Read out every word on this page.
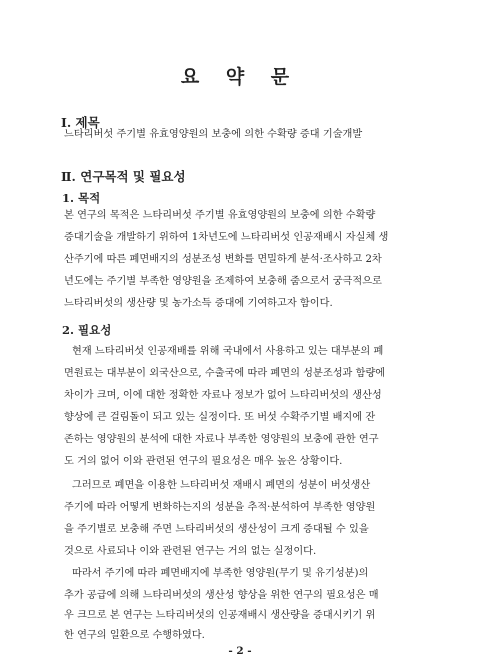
요 약 문
Ⅰ. 제목

느타리버섯 주기별 유효영양원의 보충에 의한 수확량 증대 기술개발

Ⅱ. 연구목적 및 필요성
1. 목적

본 연구의 목적은 느타리버섯 주기별 유효영양원의 보충에 의한 수확량

증대기술을 개발하기 위하여 1차년도에 느타리버섯 인공재배시 자실체 생

산주기에 따른 폐면배지의 성분조성 변화를 면밀하게 분석·조사하고 2차

년도에는 주기별 부족한 영양원을 조제하여 보충해 줌으로서 궁극적으로

느타리버섯의 생산량 및 농가소득 증대에 기여하고자 함이다.

2. 필요성

현재 느타리버섯 인공재배를 위해 국내에서 사용하고 있는 대부분의 폐

면원료는 대부분이 외국산으로, 수출국에 따라 폐면의 성분조성과 함량에

차이가 크며, 이에 대한 정확한 자료나 정보가 없어 느타리버섯의 생산성

향상에 큰 걸림돌이 되고 있는 실정이다. 또 버섯 수확주기별 배지에 잔

존하는 영양원의 분석에 대한 자료나 부족한 영양원의 보충에 관한 연구

도 거의 없어 이와 관련된 연구의 필요성은 매우 높은 상황이다.

그러므로 폐면을 이용한 느타리버섯 재배시 폐면의 성분이 버섯생산

주기에 따라 어떻게 변화하는지의 성분을 추적·분석하여 부족한 영양원

을 주기별로 보충해 주면 느타리버섯의 생산성이 크게 증대될 수 있을

것으로 사료되나 이와 관련된 연구는 거의 없는 실정이다.

따라서 주기에 따라 폐면배지에 부족한 영양원(무기 및 유기성분)의

추가 공급에 의해 느타리버섯의 생산성 향상을 위한 연구의 필요성은 매

우 크므로 본 연구는 느타리버섯의 인공재배시 생산량을 증대시키기 위

한 연구의 일환으로 수행하였다.

- 2 -
